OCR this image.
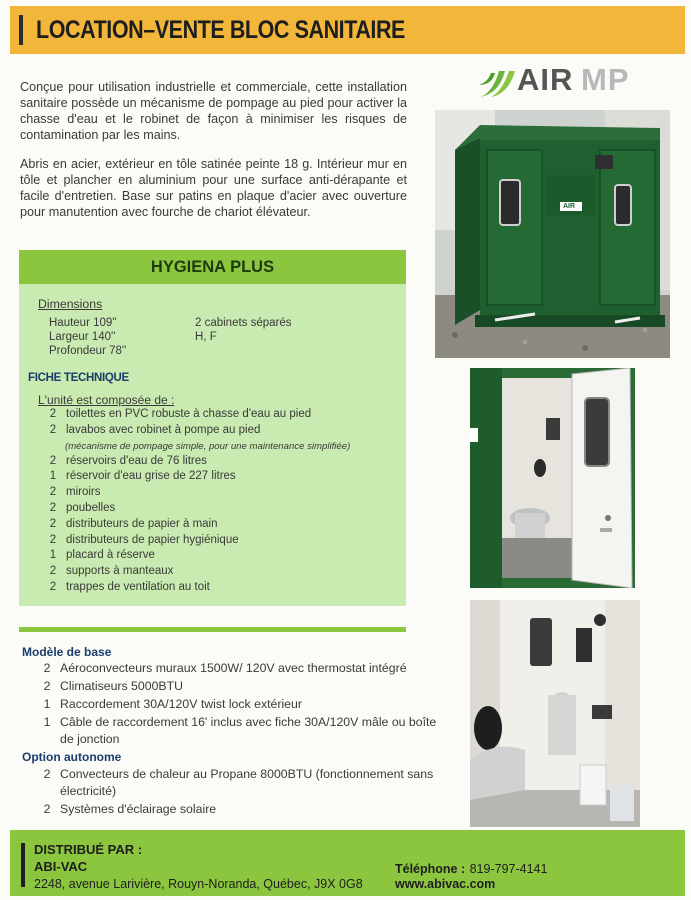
LOCATION–VENTE BLOC SANITAIRE
Conçue pour utilisation industrielle et commerciale, cette installation sanitaire possède un mécanisme de pompage au pied pour activer la chasse d'eau et le robinet de façon à minimiser les risques de contamination par les mains.
Abris en acier, extérieur en tôle satinée peinte 18 g. Intérieur mur en tôle et plancher en aluminium pour une surface anti-dérapante et facile d'entretien. Base sur patins en plaque d'acier avec ouverture pour manutention avec fourche de chariot élévateur.
AIR MP
AIR
HYGIENA PLUS
Dimensions
Hauteur 109''
Largeur 140''
Profondeur 78''
2 cabinets séparés
H, F
FICHE TECHNIQUE
L'unité est composée de :
2 toilettes en PVC robuste à chasse d'eau au pied
2 lavabos avec robinet à pompe au pied
(mécanisme de pompage simple, pour une maintenance simplifiée)
2 réservoirs d'eau de 76 litres
1 réservoir d'eau grise de 227 litres
2 miroirs
2 poubelles
2 distributeurs de papier à main
2 distributeurs de papier hygiénique
1 placard à réserve
2 supports à manteaux
2 trappes de ventilation au toit
Modèle de base
2 Aéroconvecteurs muraux 1500W/ 120V avec thermostat intégré
2 Climatiseurs 5000BTU
1 Raccordement 30A/120V twist lock extérieur
1 Câble de raccordement 16' inclus avec fiche 30A/120V mâle ou boîte
de jonction
Option autonome
2 Convecteurs de chaleur au Propane 8000BTU (fonctionnement sans
électricité)
2 Systèmes d'éclairage solaire
DISTRIBUÉ PAR :
ABI-VAC
2248, avenue Larivière, Rouyn-Noranda, Québec, J9X 0G8
Téléphone : 819-797-4141
www.abivac.com
